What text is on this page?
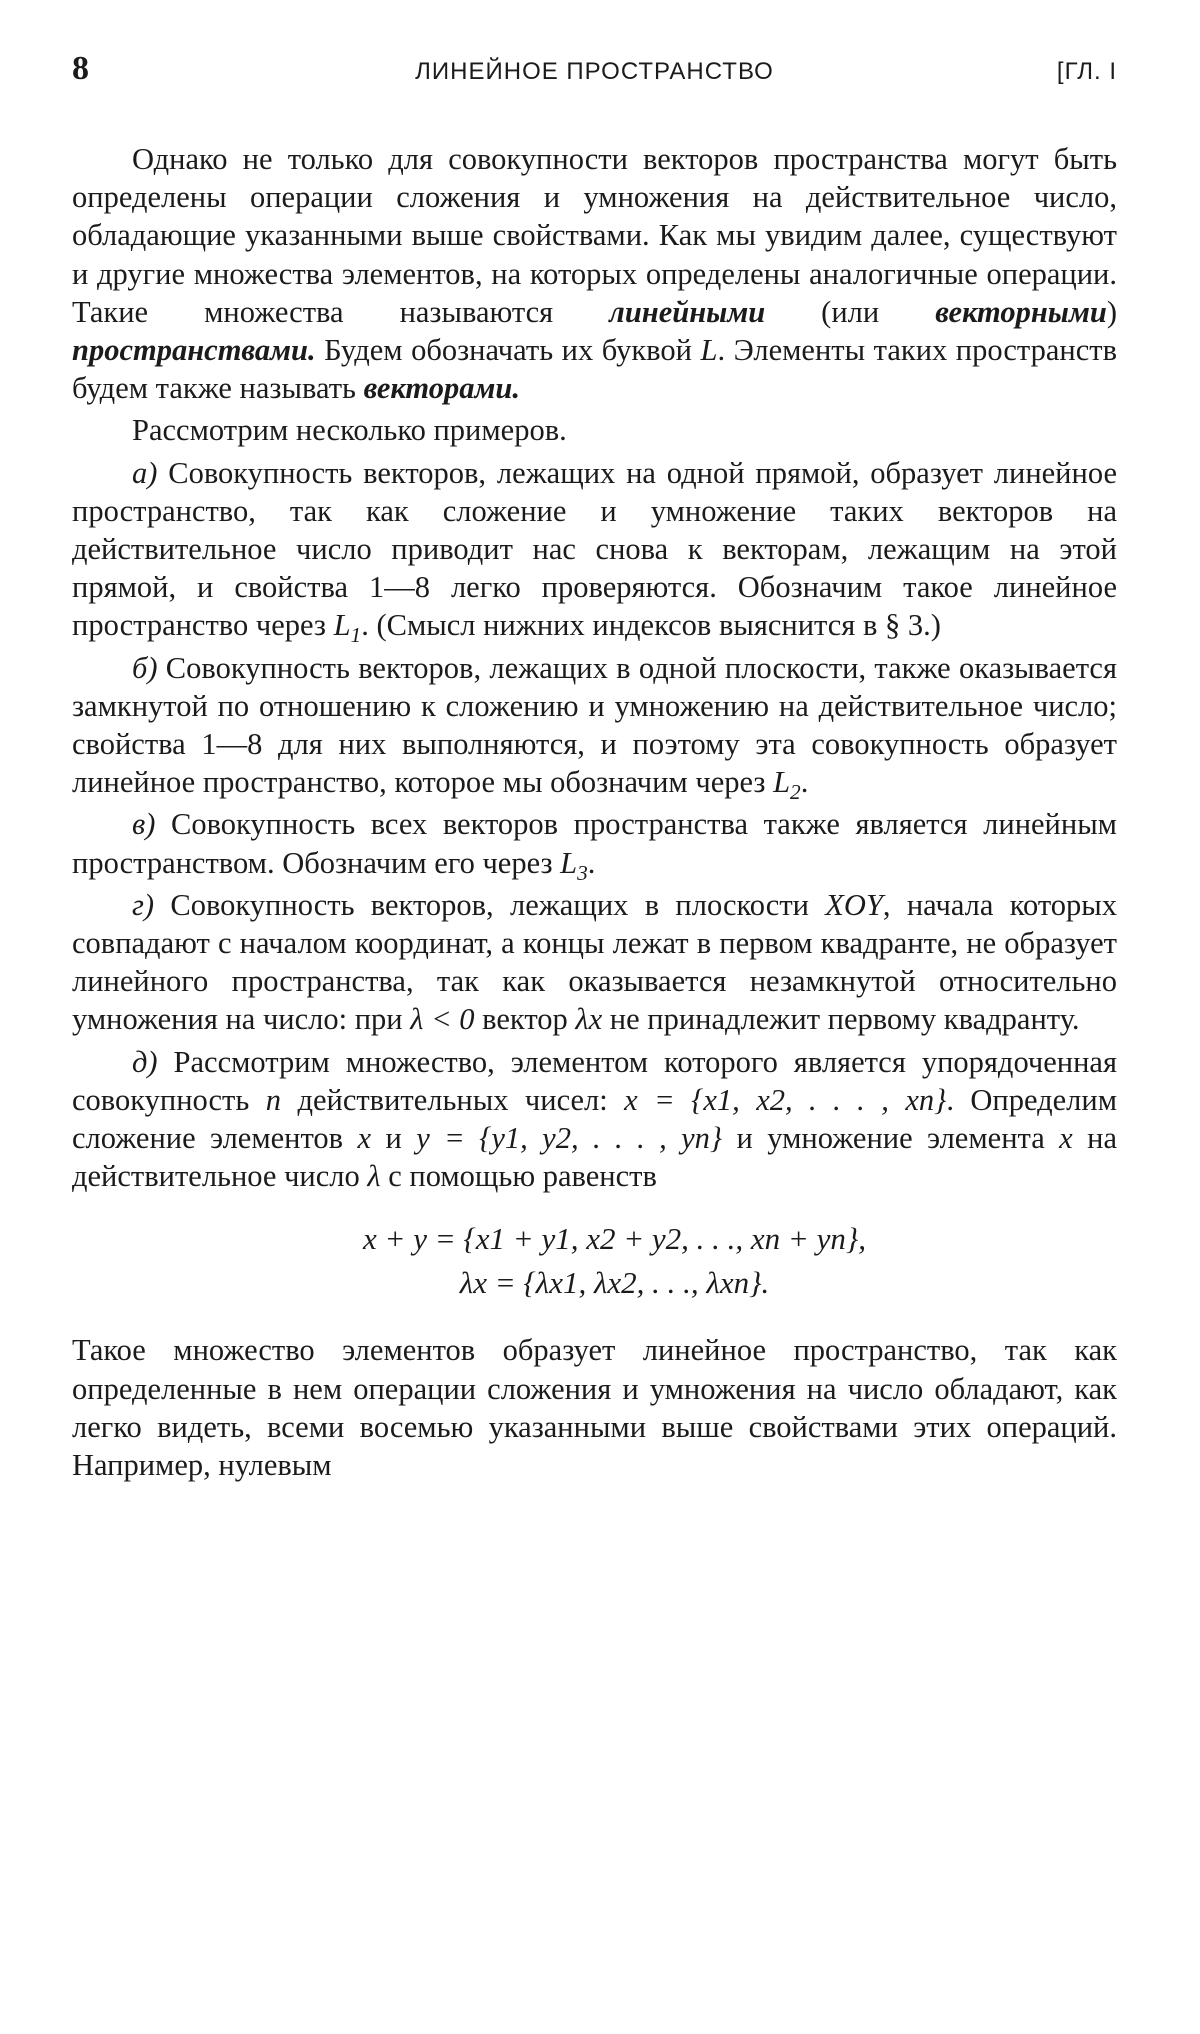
8	ЛИНЕЙНОЕ ПРОСТРАНСТВО	[ГЛ. I

Однако не только для совокупности векторов пространства могут быть определены операции сложения и умножения на действительное число, обладающие указанными выше свойствами. Как мы увидим далее, существуют и другие множества элементов, на которых определены аналогичные операции. Такие множества называются линейными (или векторными) пространствами. Будем обозначать их буквой L. Элементы таких пространств будем также называть векторами.

Рассмотрим несколько примеров.

а) Совокупность векторов, лежащих на одной прямой, образует линейное пространство, так как сложение и умножение таких векторов на действительное число приводит нас снова к векторам, лежащим на этой прямой, и свойства 1—8 легко проверяются. Обозначим такое линейное пространство через $L_1$. (Смысл нижних индексов выяснится в § 3.)

б) Совокупность векторов, лежащих в одной плоскости, также оказывается замкнутой по отношению к сложению и умножению на действительное число; свойства 1—8 для них выполняются, и поэтому эта совокупность образует линейное пространство, которое мы обозначим через $L_2$.

в) Совокупность всех векторов пространства также является линейным пространством. Обозначим его через $L_3$.

г) Совокупность векторов, лежащих в плоскости XOY, начала которых совпадают с началом координат, а концы лежат в первом квадранте, не образует линейного пространства, так как оказывается незамкнутой относительно умножения на число: при λ < 0 вектор λx не принадлежит первому квадранту.

д) Рассмотрим множество, элементом которого является упорядоченная совокупность n действительных чисел: x = {x1, x2, . . . , xn}. Определим сложение элементов x и y = {y1, y2, . . . , yn} и умножение элемента x на действительное число λ с помощью равенств

x + y = {x1 + y1, x2 + y2, . . ., xn + yn},
λx = {λx1, λx2, . . ., λxn}.

Такое множество элементов образует линейное пространство, так как определенные в нем операции сложения и умножения на число обладают, как легко видеть, всеми восемью указанными выше свойствами этих операций. Например, нулевым
